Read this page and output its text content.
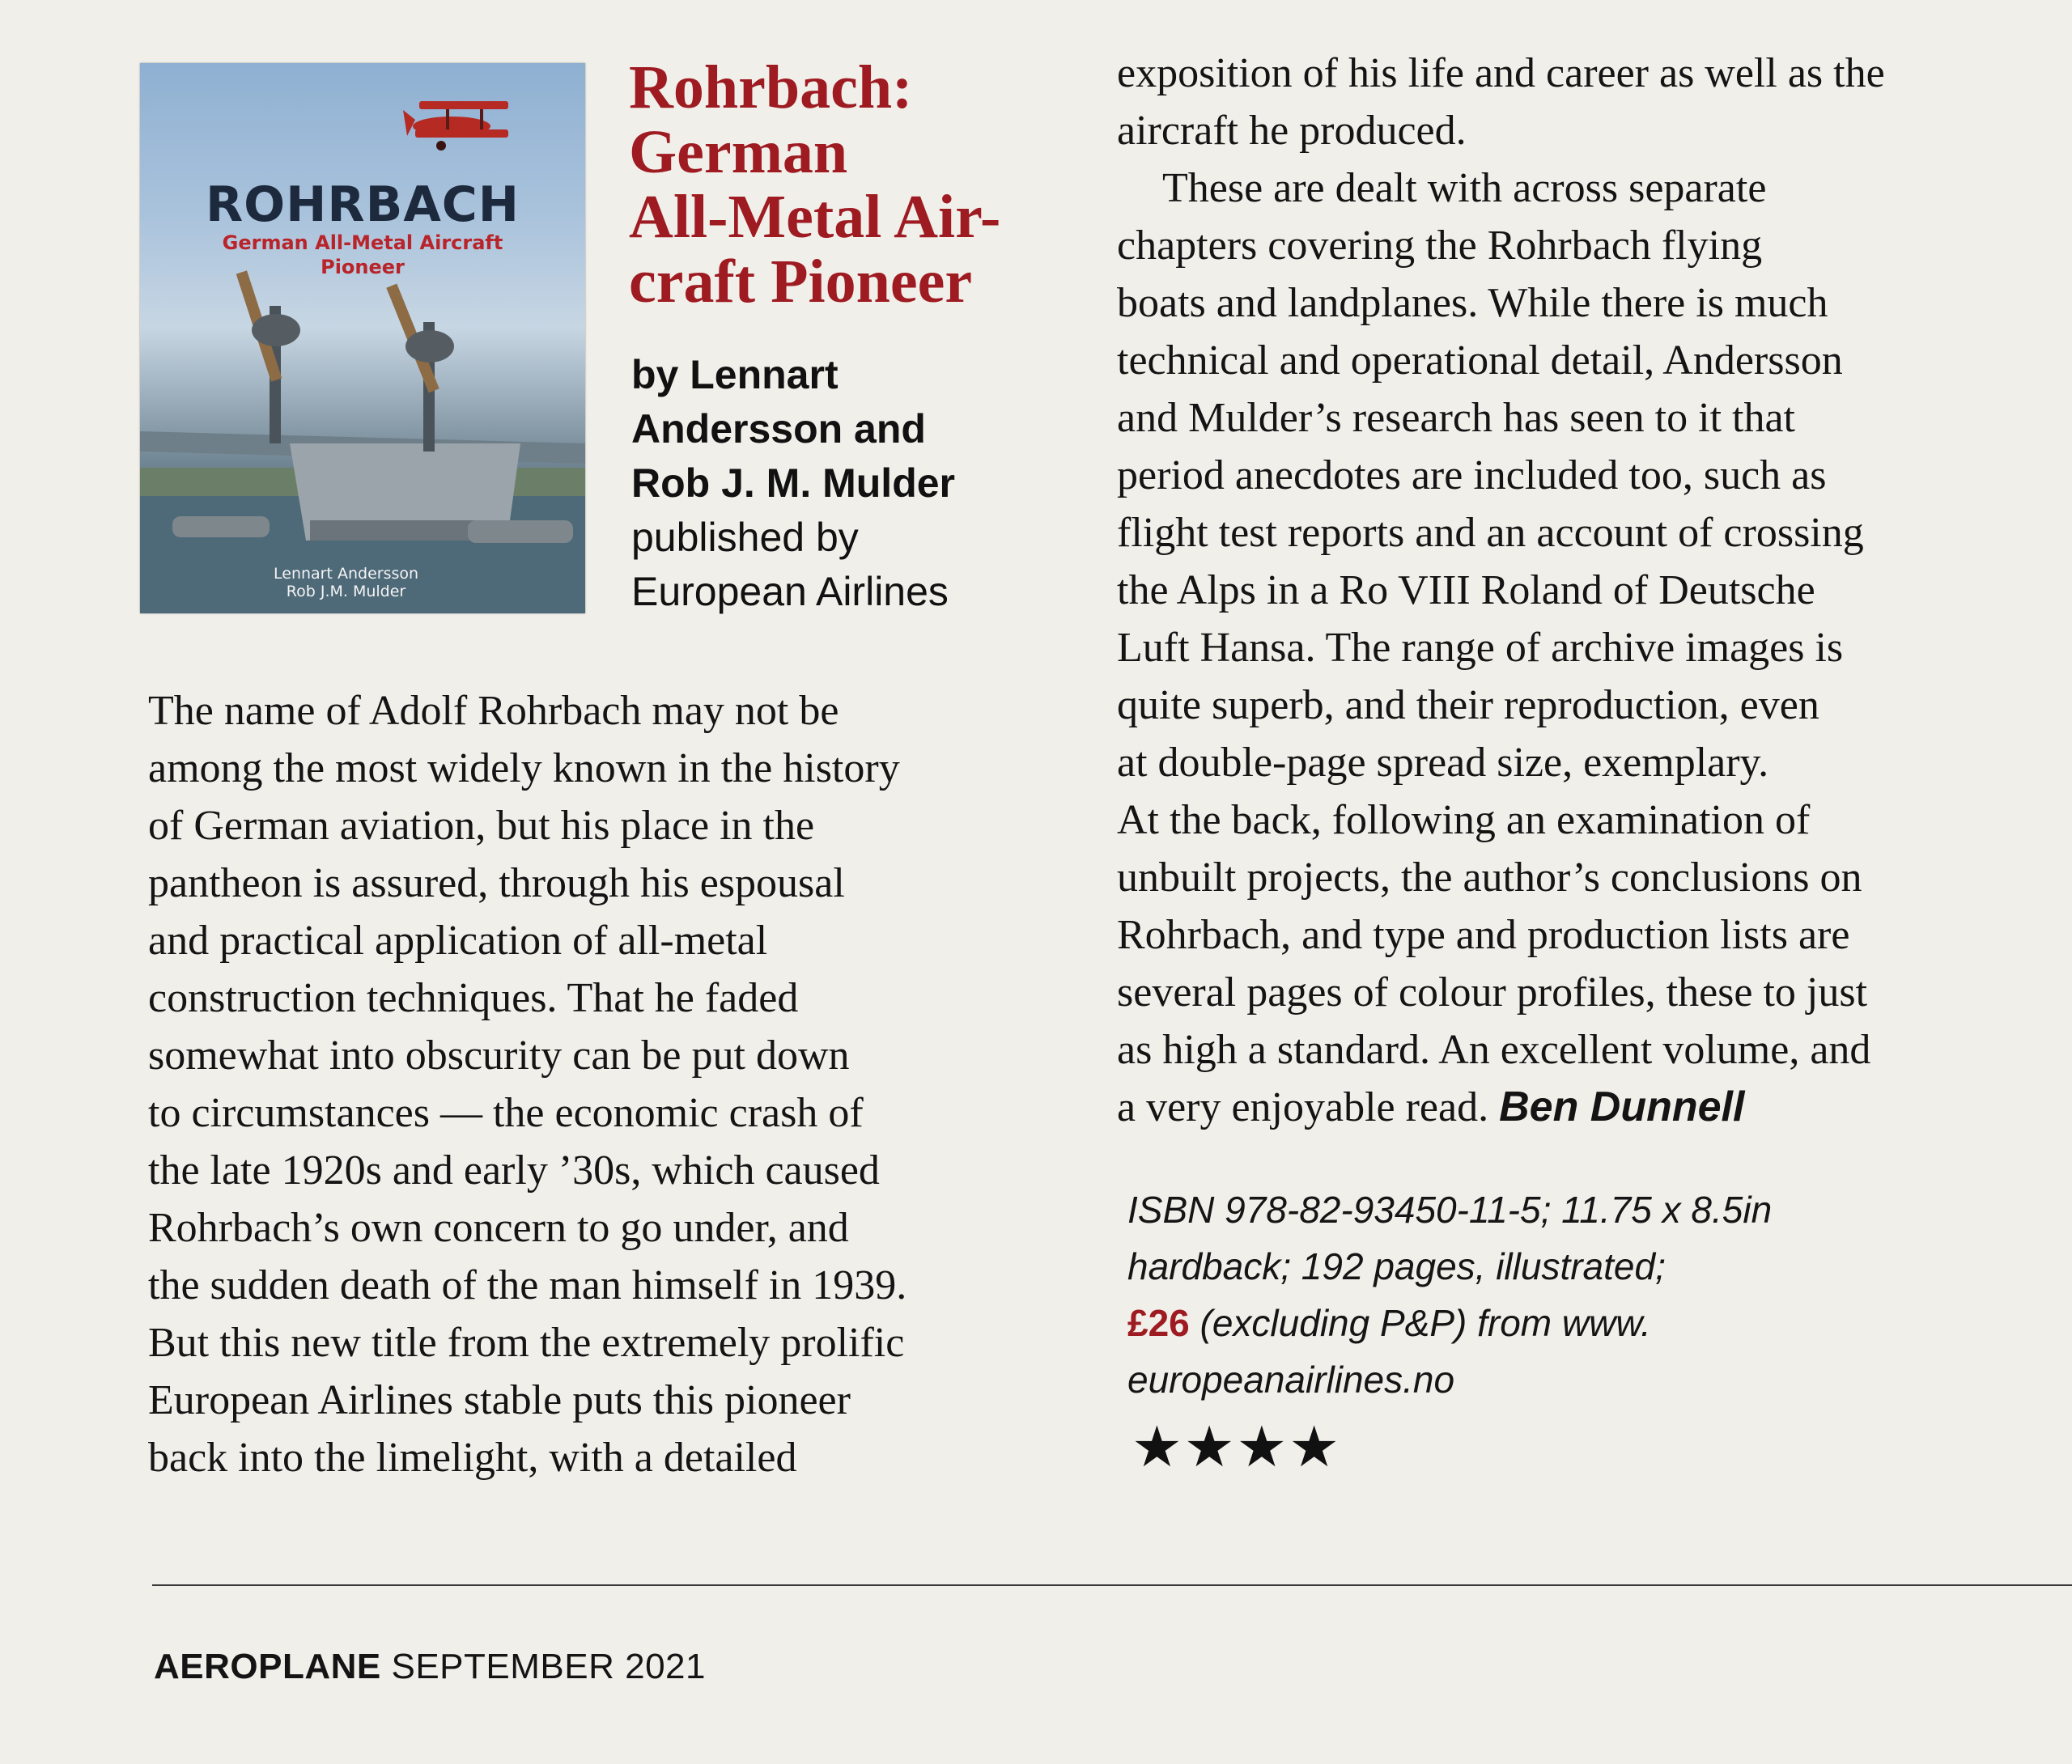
ROHRBACH
German All-Metal Aircraft
Pioneer
Lennart Andersson
Rob J.M. Mulder
Rohrbach:
German
All-Metal Air-
craft Pioneer
by Lennart
Andersson and
Rob J. M. Mulder
published by
European Airlines
The name of Adolf Rohrbach may not be
among the most widely known in the history
of German aviation, but his place in the
pantheon is assured, through his espousal
and practical application of all-metal
construction techniques. That he faded
somewhat into obscurity can be put down
to circumstances — the economic crash of
the late 1920s and early ’30s, which caused
Rohrbach’s own concern to go under, and
the sudden death of the man himself in 1939.
But this new title from the extremely prolific
European Airlines stable puts this pioneer
back into the limelight, with a detailed
exposition of his life and career as well as the
aircraft he produced.
These are dealt with across separate
chapters covering the Rohrbach flying
boats and landplanes. While there is much
technical and operational detail, Andersson
and Mulder’s research has seen to it that
period anecdotes are included too, such as
flight test reports and an account of crossing
the Alps in a Ro VIII Roland of Deutsche
Luft Hansa. The range of archive images is
quite superb, and their reproduction, even
at double-page spread size, exemplary.
At the back, following an examination of
unbuilt projects, the author’s conclusions on
Rohrbach, and type and production lists are
several pages of colour profiles, these to just
as high a standard. An excellent volume, and
a very enjoyable read. Ben Dunnell
ISBN 978-82-93450-11-5; 11.75 x 8.5in
hardback; 192 pages, illustrated;
£26 (excluding P&P) from www.
europeanairlines.no
★★★★
AEROPLANE SEPTEMBER 2021
